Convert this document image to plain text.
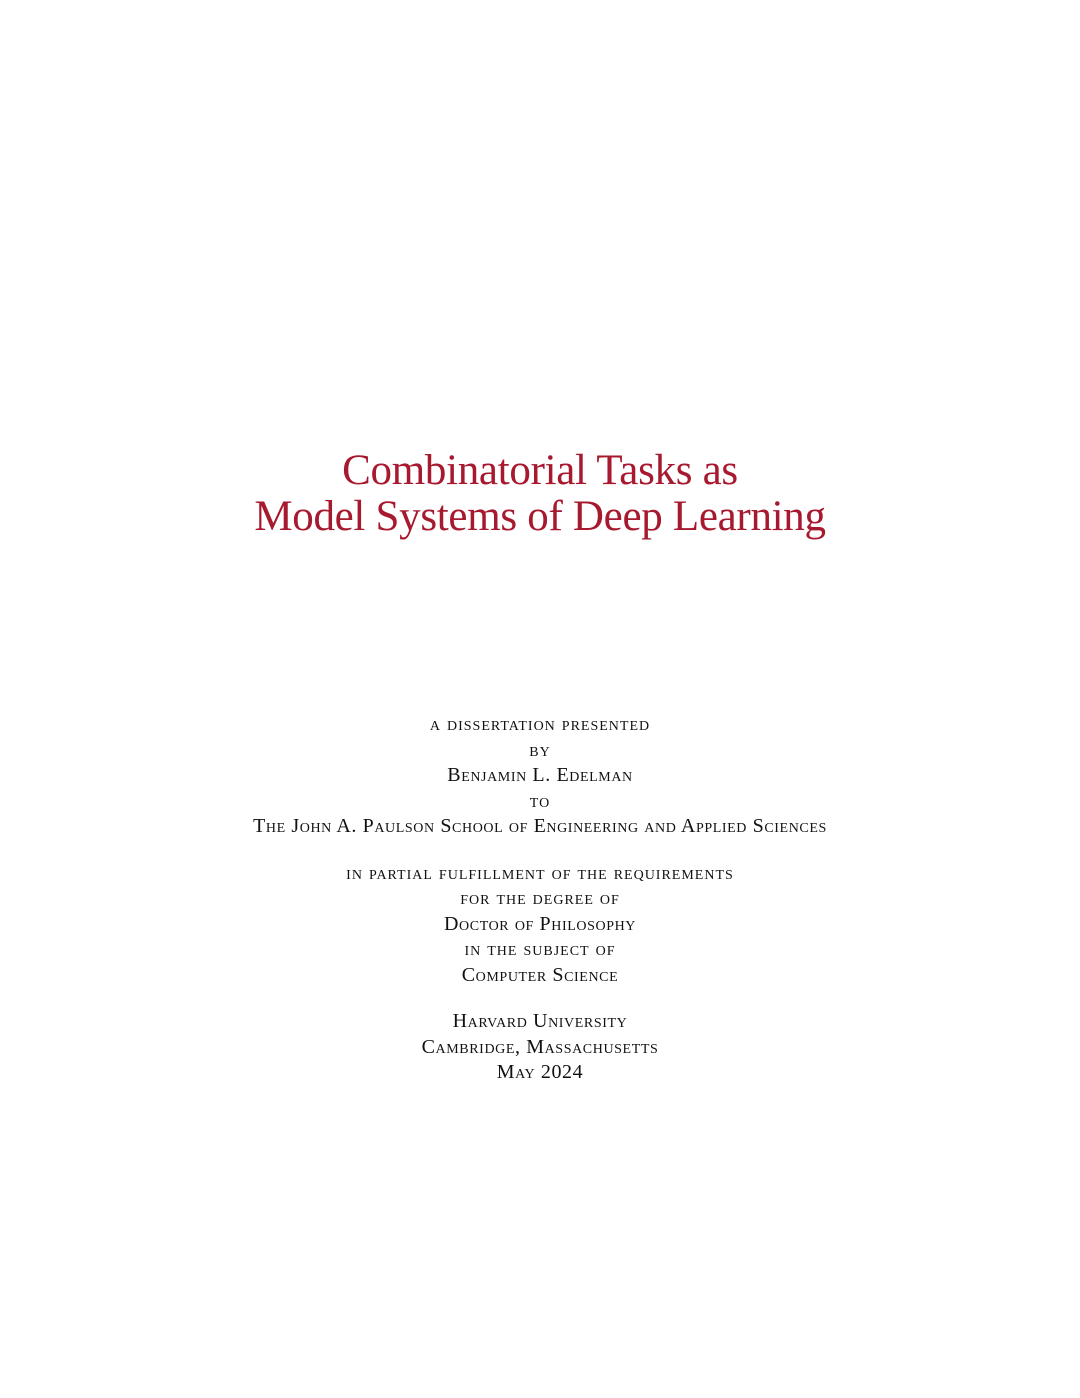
Combinatorial Tasks as
Model Systems of Deep Learning
a dissertation presented
by
Benjamin L. Edelman
to
The John A. Paulson School of Engineering and Applied Sciences
in partial fulfillment of the requirements
for the degree of
Doctor of Philosophy
in the subject of
Computer Science
Harvard University
Cambridge, Massachusetts
May 2024
